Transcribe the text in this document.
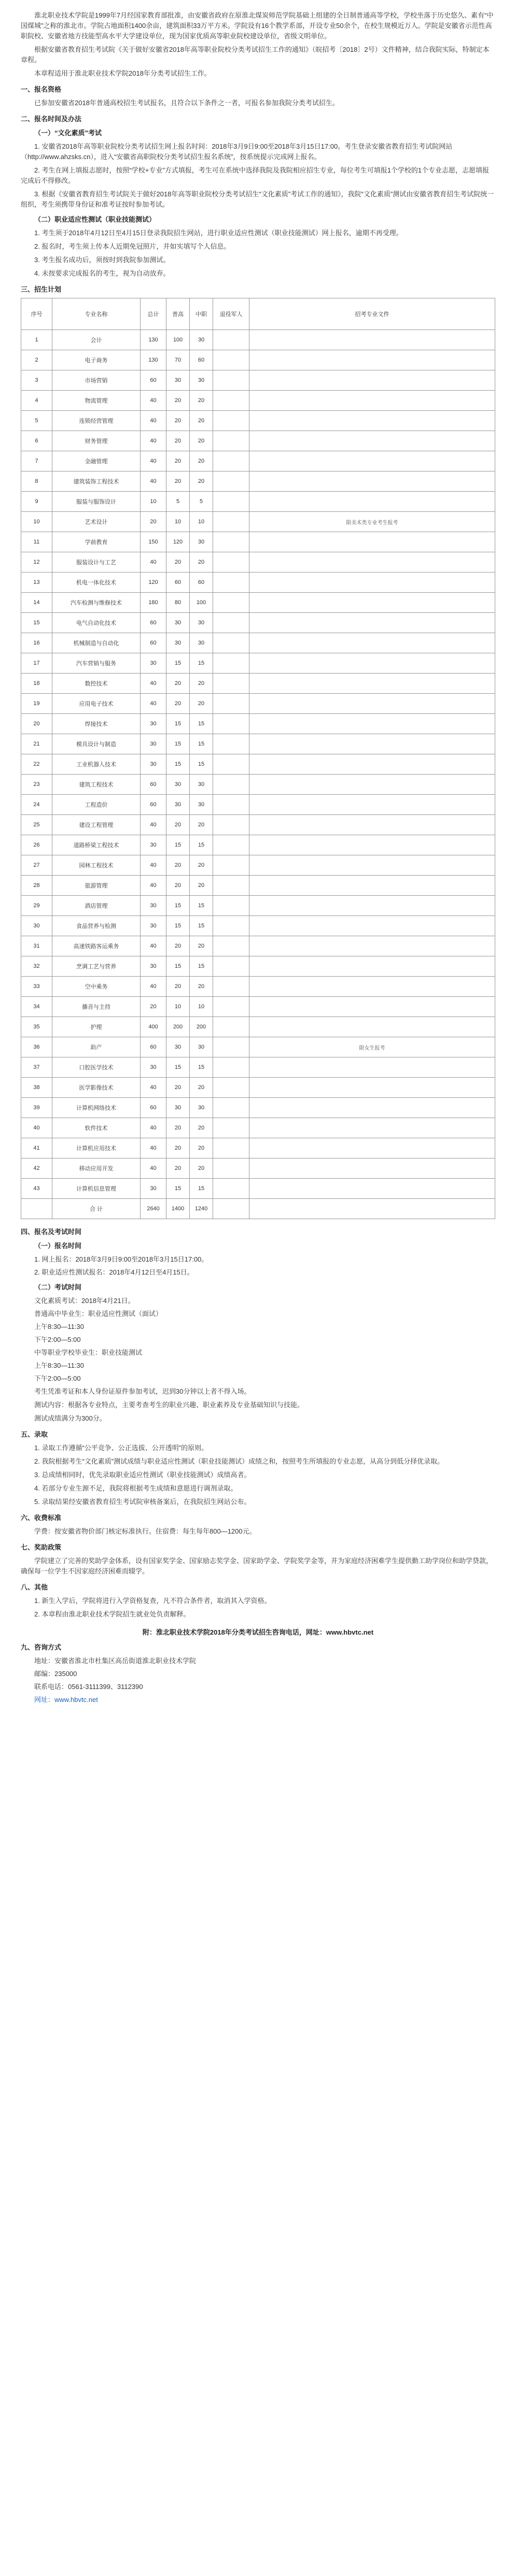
淮北职业技术学院是1999年7月经国家教育部批准，由安徽省政府在原淮北煤炭师范学院基础上组建的全日制普通高等学校，学校坐落于历史悠久、素有“中国煤城”之称的淮北市。学院占地面积1400余亩，建筑面积33万平方米。学院设有16个教学系部，开设专业50余个，在校生规模近万人。学院是安徽省示范性高职院校、安徽省地方技能型高水平大学建设单位，现为国家优质高等职业院校建设单位，省级文明单位。

根据安徽省教育招生考试院《关于做好安徽省2018年高等职业院校分类考试招生工作的通知》（皖招考〔2018〕2号）文件精神，结合我院实际，特制定本章程。

本章程适用于淮北职业技术学院2018年分类考试招生工作。

一、报名资格

已参加安徽省2018年普通高校招生考试报名，且符合以下条件之一者，可报名参加我院分类考试招生。

二、报名时间及办法
（一）“文化素质”考试

1. 安徽省2018年高等职业院校分类考试招生网上报名时间：2018年3月9日9:00至2018年3月15日17:00。考生登录安徽省教育招生考试院网站（http://www.ahzsks.cn），进入“安徽省高职院校分类考试招生报名系统”，按系统提示完成网上报名。

2. 考生在网上填报志愿时，按照“学校+专业”方式填报，考生可在系统中选择我院及我院相应招生专业，每位考生可填报1个学校的1个专业志愿，志愿填报完成后不得修改。

3. 根据《安徽省教育招生考试院关于做好2018年高等职业院校分类考试招生“文化素质”考试工作的通知》，我院“文化素质”测试由安徽省教育招生考试院统一组织，考生须携带身份证和准考证按时参加考试。

（二）职业适应性测试（职业技能测试）

1. 考生须于2018年4月12日至4月15日登录我院招生网站，进行职业适应性测试（职业技能测试）网上报名，逾期不再受理。

2. 报名时，考生须上传本人近期免冠照片，并如实填写个人信息。

3. 考生报名成功后，须按时到我院参加测试。

4. 未按要求完成报名的考生，视为自动放弃。

三、招生计划
序号	专业名称	总计	普高	中职	退役军人	招考专业文件
1	会计	130	100	30		
2	电子商务	130	70	60		
3	市场营销	60	30	30		
4	物流管理	40	20	20		
5	连锁经营管理	40	20	20		
6	财务管理	40	20	20		
7	金融管理	40	20	20		
8	建筑装饰工程技术	40	20	20		
9	服装与服饰设计	10	5	5		
10	艺术设计	20	10	10		限美术类专业考生报考
11	学前教育	150	120	30		
12	服装设计与工艺	40	20	20		
13	机电一体化技术	120	60	60		
14	汽车检测与维修技术	180	80	100		
15	电气自动化技术	60	30	30		
16	机械制造与自动化	60	30	30		
17	汽车营销与服务	30	15	15		
18	数控技术	40	20	20		
19	应用电子技术	40	20	20		
20	焊接技术	30	15	15		
21	模具设计与制造	30	15	15		
22	工业机器人技术	30	15	15		
23	建筑工程技术	60	30	30		
24	工程造价	60	30	30		
25	建设工程管理	40	20	20		
26	道路桥梁工程技术	30	15	15		
27	园林工程技术	40	20	20		
28	旅游管理	40	20	20		
29	酒店管理	30	15	15		
30	食品营养与检测	30	15	15		
31	高速铁路客运乘务	40	20	20		
32	烹调工艺与营养	30	15	15		
33	空中乘务	40	20	20		
34	播音与主持	20	10	10		
35	护理	400	200	200		
36	助产	60	30	30		限女生报考
37	口腔医学技术	30	15	15		
38	医学影像技术	40	20	20		
39	计算机网络技术	60	30	30		
40	软件技术	40	20	20		
41	计算机应用技术	40	20	20		
42	移动应用开发	40	20	20		
43	计算机信息管理	30	15	15		
	合 计	2640	1400	1240		
四、报名及考试时间
（一）报名时间
1. 网上报名：2018年3月9日9:00至2018年3月15日17:00。
2. 职业适应性测试报名：2018年4月12日至4月15日。
（二）考试时间
文化素质考试：2018年4月21日。
普通高中毕业生：职业适应性测试（面试）
上午8:30—11:30
下午2:00—5:00
中等职业学校毕业生：职业技能测试
上午8:30—11:30
下午2:00—5:00

考生凭准考证和本人身份证原件参加考试，迟到30分钟以上者不得入场。

测试内容：根据各专业特点，主要考查考生的职业兴趣、职业素养及专业基础知识与技能。

测试成绩满分为300分。

五、录取

1. 录取工作遵循“公平竞争、公正选拔、公开透明”的原则。

2. 我院根据考生“文化素质”测试成绩与职业适应性测试（职业技能测试）成绩之和，按照考生所填报的专业志愿，从高分到低分择优录取。

3. 总成绩相同时，优先录取职业适应性测试（职业技能测试）成绩高者。

4. 若部分专业生源不足，我院将根据考生成绩和意愿进行调剂录取。

5. 录取结果经安徽省教育招生考试院审核备案后，在我院招生网站公布。

六、收费标准

学费：按安徽省物价部门核定标准执行。住宿费：每生每年800—1200元。

七、奖助政策

学院建立了完善的奖助学金体系，设有国家奖学金、国家励志奖学金、国家助学金、学院奖学金等，并为家庭经济困难学生提供勤工助学岗位和助学贷款，确保每一位学生不因家庭经济困难而辍学。

八、其他

1. 新生入学后，学院将进行入学资格复查，凡不符合条件者，取消其入学资格。

2. 本章程由淮北职业技术学院招生就业处负责解释。

附：淮北职业技术学院2018年分类考试招生咨询电话，网址：www.hbvtc.net
九、咨询方式
地址：安徽省淮北市杜集区高岳街道淮北职业技术学院
邮编：235000
联系电话：0561-3111399、3112390
网址：www.hbvtc.net
